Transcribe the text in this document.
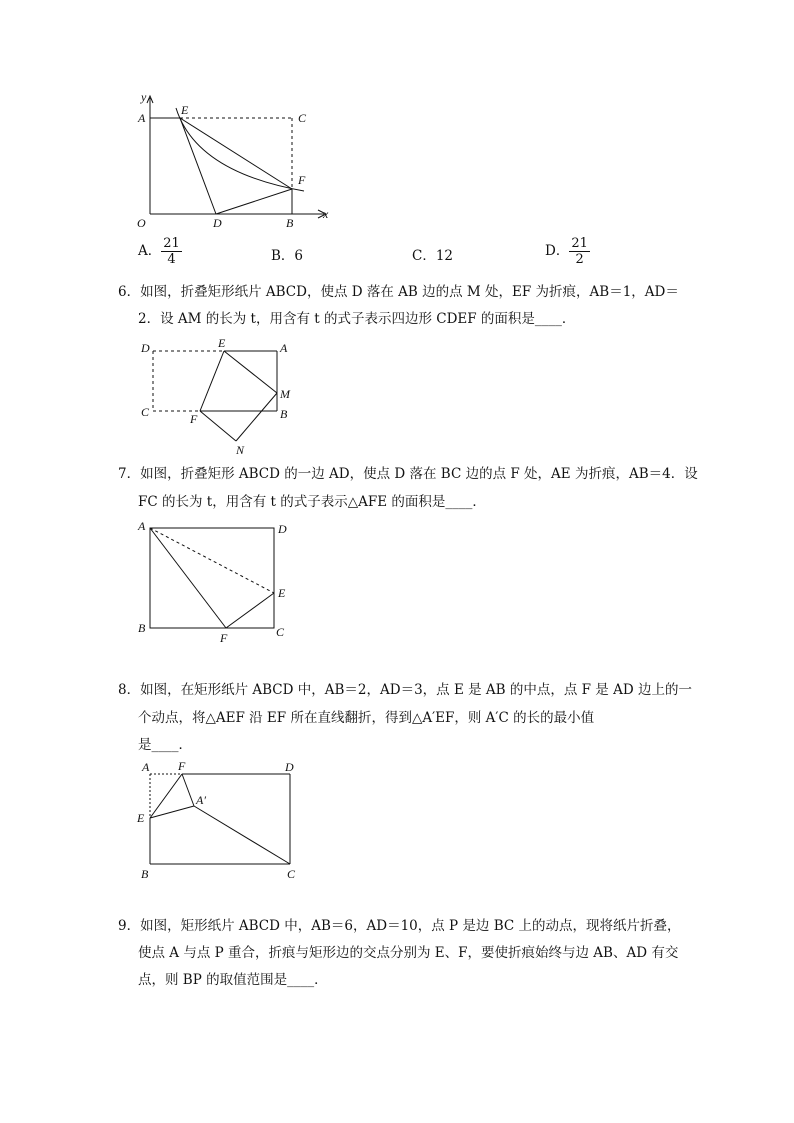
y
A
E
C
F
O	D	B
x
A． $\frac{21}{4}$	B．6	C．12	D． $\frac{21}{2}$
6．如图，折叠矩形纸片 ABCD，使点 D 落在 AB 边的点 M 处，EF 为折痕，AB＝1，AD＝
2．设 AM 的长为 t，用含有 t 的式子表示四边形 CDEF 的面积是____．
D	E	A
M
C	B
F
N
7．如图，折叠矩形 ABCD 的一边 AD，使点 D 落在 BC 边的点 F 处，AE 为折痕，AB＝4．设
FC 的长为 t，用含有 t 的式子表示△AFE 的面积是____．
A	D
E
B
F	C
8．如图，在矩形纸片 ABCD 中，AB＝2，AD＝3，点 E 是 AB 的中点，点 F 是 AD 边上的一
个动点，将△AEF 沿 EF 所在直线翻折，得到△A′EF，则 A′C 的长的最小值
是____．
A F	D
A′
E
B	C
9．如图，矩形纸片 ABCD 中，AB＝6，AD＝10，点 P 是边 BC 上的动点，现将纸片折叠，
使点 A 与点 P 重合，折痕与矩形边的交点分别为 E、F，要使折痕始终与边 AB、AD 有交
点，则 BP 的取值范围是____．
